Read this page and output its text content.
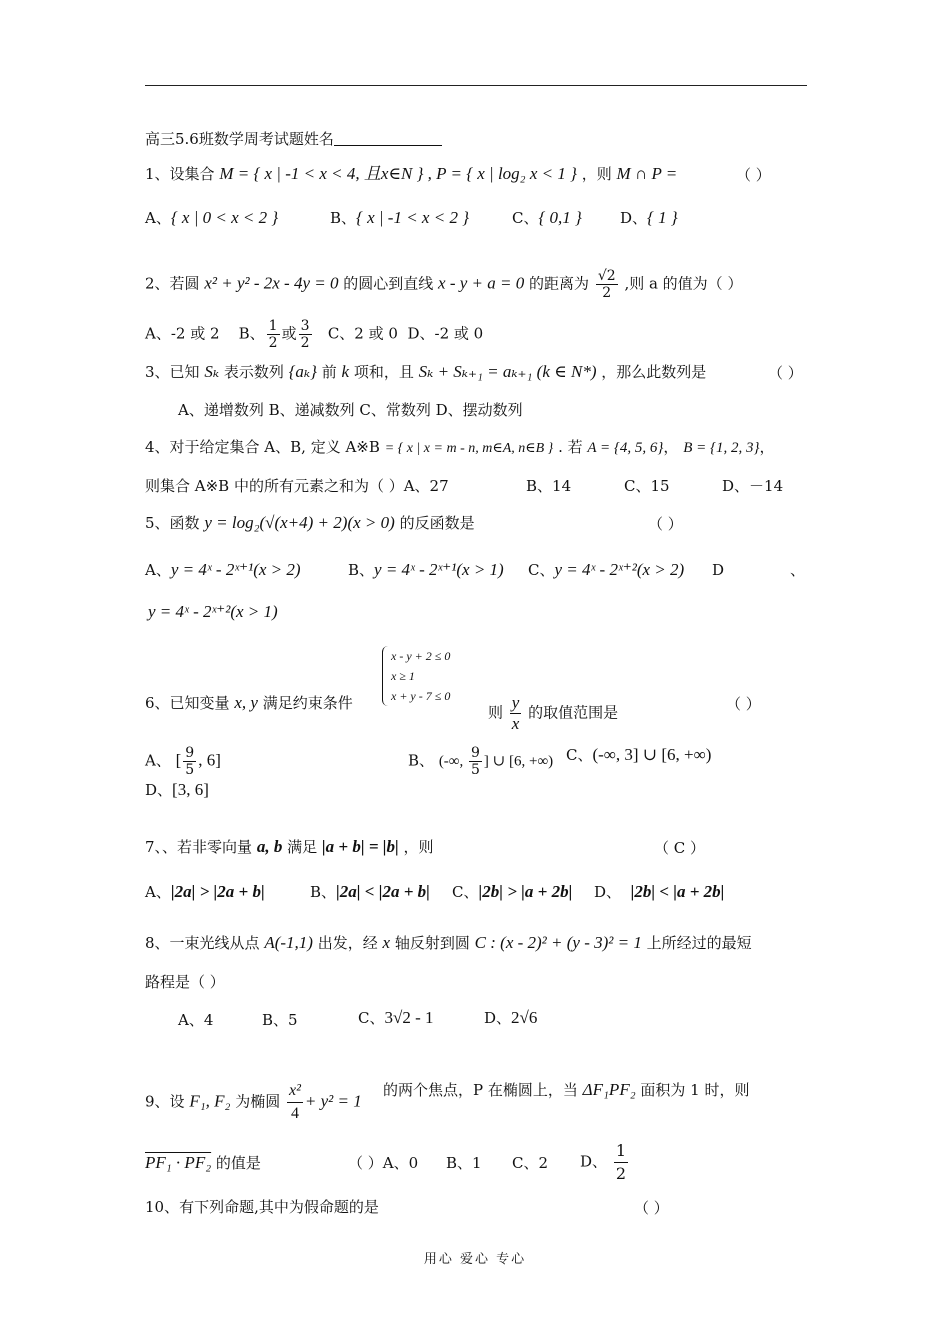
高三5.6班数学周考试题姓名
1、设集合 M = { x | -1 < x < 4, 且x∈N } , P = { x | log₂ x < 1 } ，则 M ∩ P =	（ ）
A、{ x | 0 < x < 2 }	B、{ x | -1 < x < 2 }	C、{ 0,1 }	D、{ 1 }
2、若圆 x² + y² - 2x - 4y = 0 的圆心到直线 x - y + a = 0 的距离为 $\frac{√2}{2}$ ,则 a 的值为（ ）
A、-2 或 2 B、 $\frac{1}{2}$ 或 $\frac{3}{2}$ C、2 或 0 D、-2 或 0
3、已知 Sₖ 表示数列 {aₖ} 前 k 项和，且 Sₖ + Sₖ₊₁ = aₖ₊₁ (k ∈ N*) ，那么此数列是	（ ）
A、递增数列 B、递减数列 C、常数列 D、摆动数列
4、对于给定集合 A、B, 定义 A※B = { x | x = m - n, m∈A, n∈B } . 若 A = {4, 5, 6}， B = {1, 2, 3}，
则集合 A※B 中的所有元素之和为（ ）A、27	B、14	C、15	D、－14
5、函数 y = log₂(√(x+4) + 2)(x > 0) 的反函数是	（ ）
A、y = 4ˣ - 2ˣ⁺¹(x > 2)	B、y = 4ˣ - 2ˣ⁺¹(x > 1) C、y = 4ˣ - 2ˣ⁺²(x > 2) D	、
y = 4ˣ - 2ˣ⁺²(x > 1)
x - y + 2 ≤ 0
x ≥ 1
x + y - 7 ≤ 0
6、已知变量 x, y 满足约束条件
则 $\frac{y}{x}$ 的取值范围是	（ ）
A、 [ $\frac{9}{5}$ , 6]	B、 (-∞, $\frac{9}{5}$ ] ∪ [6, +∞) C、(-∞, 3] ∪ [6, +∞)
D、[3, 6]
7、、若非零向量 a, b 满足 |a + b| = |b| ，则	（ C ）
A、|2a| > |2a + b|	B、|2a| < |2a + b| C、|2b| > |a + 2b| D、 |2b| < |a + 2b|
8、一束光线从点 A(-1,1) 出发，经 x 轴反射到圆 C : (x - 2)² + (y - 3)² = 1 上所经过的最短
路程是（ ）
A、4	B、5	C、3√2 - 1	D、2√6
9、设 F₁, F₂ 为椭圆 $\frac{\text{x²}}{4} + y^2 = 1$
的两个焦点，P 在椭圆上，当 ΔF₁PF₂ 面积为 1 时，则
PF₁ · PF₂ 的值是	（ ）A、0 B、1 C、2 D、 $\frac{1}{2}$
10、有下列命题,其中为假命题的是	（ ）
用心 爱心 专心
